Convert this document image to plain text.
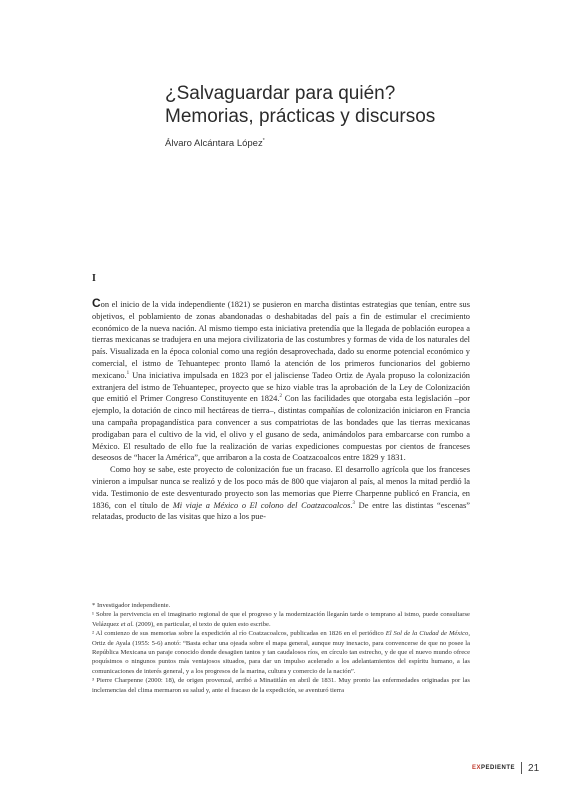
¿Salvaguardar para quién?
Memorias, prácticas y discursos
Álvaro Alcántara López*
I

Con el inicio de la vida independiente (1821) se pusieron en marcha distintas estrategias que tenían, entre sus objetivos, el poblamiento de zonas abandonadas o deshabitadas del país a fin de estimular el crecimiento económico de la nueva nación. Al mismo tiempo esta iniciativa pretendía que la llegada de población europea a tierras mexicanas se tradujera en una mejora civilizatoria de las costumbres y formas de vida de los naturales del país. Visualizada en la época colonial como una región desaprovechada, dado su enorme potencial económico y comercial, el istmo de Tehuantepec pronto llamó la atención de los primeros funcionarios del gobierno mexicano.$^1$ Una iniciativa impulsada en 1823 por el jalisciense Tadeo Ortiz de Ayala propuso la colonización extranjera del istmo de Tehuantepec, proyecto que se hizo viable tras la aprobación de la Ley de Colonización que emitió el Primer Congreso Constituyente en 1824.$^2$ Con las facilidades que otorgaba esta legislación –por ejemplo, la dotación de cinco mil hectáreas de tierra–, distintas compañías de colonización iniciaron en Francia una campaña propagandística para convencer a sus compatriotas de las bondades que las tierras mexicanas prodigaban para el cultivo de la vid, el olivo y el gusano de seda, animándolos para embarcarse con rumbo a México. El resultado de ello fue la realización de varias expediciones compuestas por cientos de franceses deseosos de “hacer la América”, que arribaron a la costa de Coatzacoalcos entre 1829 y 1831.

Como hoy se sabe, este proyecto de colonización fue un fracaso. El desarrollo agrícola que los franceses vinieron a impulsar nunca se realizó y de los poco más de 800 que viajaron al país, al menos la mitad perdió la vida. Testimonio de este desventurado proyecto son las memorias que Pierre Charpenne publicó en Francia, en 1836, con el título de Mi viaje a México o El colono del Coatzacoalcos.$^3$ De entre las distintas “escenas” relatadas, producto de las visitas que hizo a los pue-

* Investigador independiente.

¹ Sobre la pervivencia en el imaginario regional de que el progreso y la modernización llegarán tarde o temprano al istmo, puede consultarse Velázquez et al. (2009), en particular, el texto de quien esto escribe.

² Al comienzo de sus memorias sobre la expedición al río Coatzacoalcos, publicadas en 1826 en el periódico El Sol de la Ciudad de México, Ortiz de Ayala (1955: 5-6) anotó: “Basta echar una ojeada sobre el mapa general, aunque muy inexacto, para convencerse de que no posee la República Mexicana un paraje conocido donde desagüen tantos y tan caudalosos ríos, en círculo tan estrecho, y de que el nuevo mundo ofrece poquísimos o ningunos puntos más ventajosos situados, para dar un impulso acelerado a los adelantamientos del espíritu humano, a las comunicaciones de interés general, y a los progresos de la marina, cultura y comercio de la nación”.

³ Pierre Charpenne (2000: 18), de origen provenzal, arribó a Minatitlán en abril de 1831. Muy pronto las enfermedades originadas por las inclemencias del clima mermaron su salud y, ante el fracaso de la expedición, se aventuró tierra

EXPEDIENTE 21
